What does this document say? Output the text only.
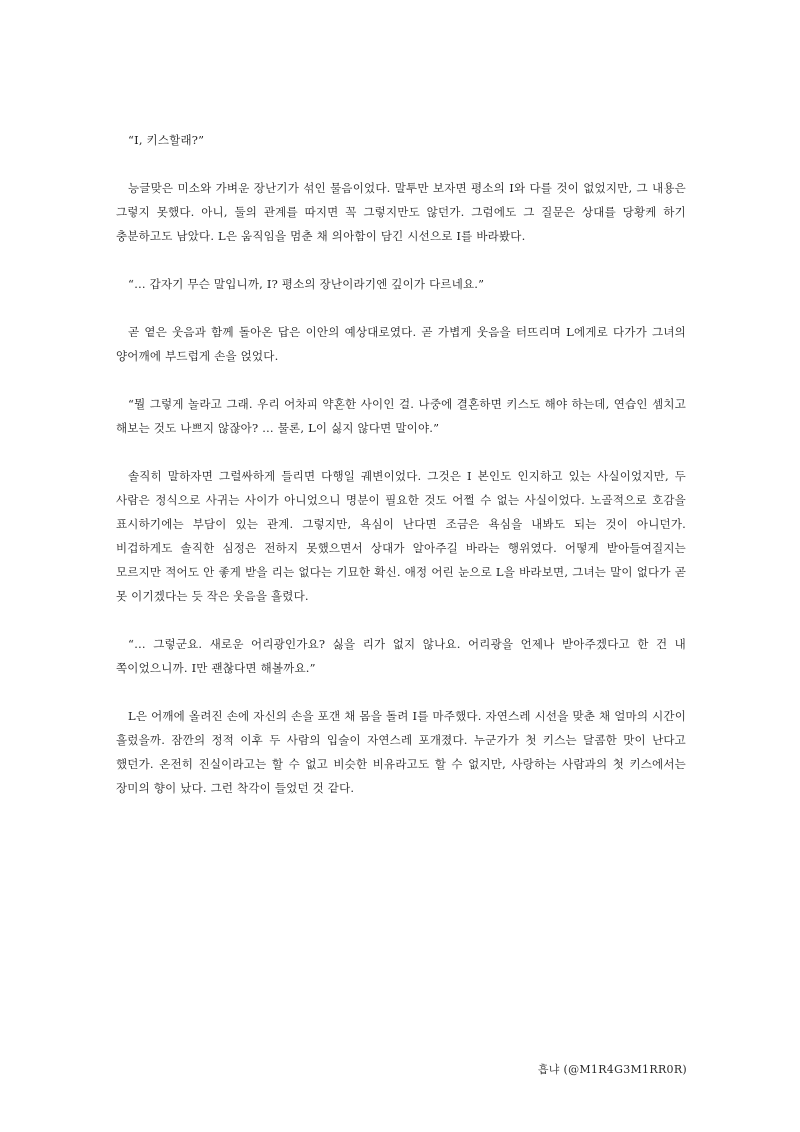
“I, 키스할래?”

능글맞은 미소와 가벼운 장난기가 섞인 물음이었다. 말투만 보자면 평소의 I와 다를 것이 없었지만, 그 내용은 그렇지 못했다. 아니, 둘의 관계를 따지면 꼭 그렇지만도 않던가. 그럼에도 그 질문은 상대를 당황케 하기 충분하고도 남았다. L은 움직임을 멈춘 채 의아함이 담긴 시선으로 I를 바라봤다.

“… 갑자기 무슨 말입니까, I? 평소의 장난이라기엔 깊이가 다르네요.”

곧 옅은 웃음과 함께 돌아온 답은 이안의 예상대로였다. 곧 가볍게 웃음을 터뜨리며 L에게로 다가가 그녀의 양어깨에 부드럽게 손을 얹었다.

“뭘 그렇게 놀라고 그래. 우리 어차피 약혼한 사이인 걸. 나중에 결혼하면 키스도 해야 하는데, 연습인 셈치고 해보는 것도 나쁘지 않잖아? … 물론, L이 싫지 않다면 말이야.”

솔직히 말하자면 그럴싸하게 들리면 다행일 궤변이었다. 그것은 I 본인도 인지하고 있는 사실이었지만, 두 사람은 정식으로 사귀는 사이가 아니었으니 명분이 필요한 것도 어쩔 수 없는 사실이었다. 노골적으로 호감을 표시하기에는 부담이 있는 관계. 그렇지만, 욕심이 난다면 조금은 욕심을 내봐도 되는 것이 아니던가. 비겁하게도 솔직한 심정은 전하지 못했으면서 상대가 알아주길 바라는 행위였다. 어떻게 받아들여질지는 모르지만 적어도 안 좋게 받을 리는 없다는 기묘한 확신. 애정 어린 눈으로 L을 바라보면, 그녀는 말이 없다가 곧 못 이기겠다는 듯 작은 웃음을 흘렸다.

“… 그렇군요. 새로운 어리광인가요? 싫을 리가 없지 않나요. 어리광을 언제나 받아주겠다고 한 건 내 쪽이었으니까. I만 괜찮다면 해볼까요.”

L은 어깨에 올려진 손에 자신의 손을 포갠 채 몸을 돌려 I를 마주했다. 자연스레 시선을 맞춘 채 얼마의 시간이 흘렀을까. 잠깐의 정적 이후 두 사람의 입술이 자연스레 포개졌다. 누군가가 첫 키스는 달콤한 맛이 난다고 했던가. 온전히 진실이라고는 할 수 없고 비슷한 비유라고도 할 수 없지만, 사랑하는 사람과의 첫 키스에서는 장미의 향이 났다. 그런 착각이 들었던 것 같다.

흡냐 (@M1R4G3M1RR0R)
